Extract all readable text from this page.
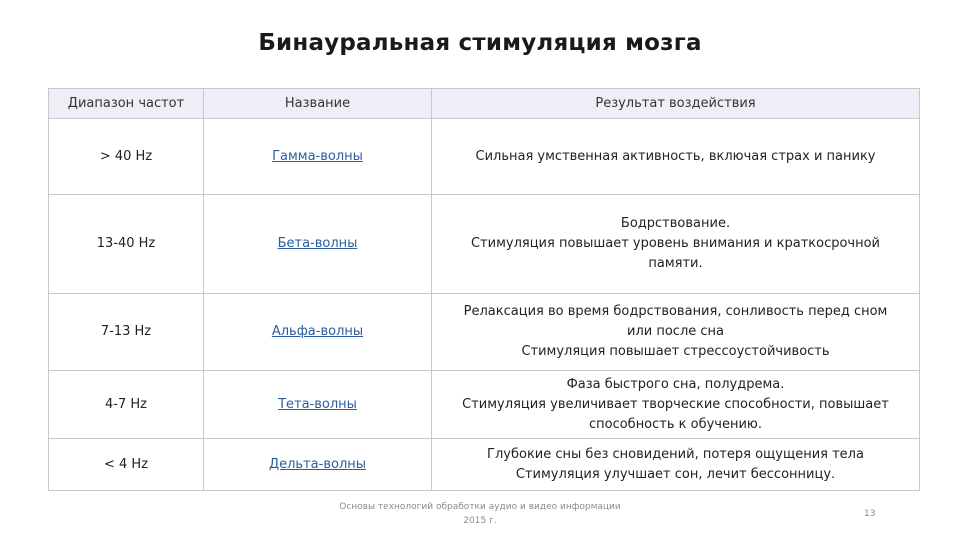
Бинауральная стимуляция мозга
Диапазон частот	Название	Результат воздействия
> 40 Hz	Гамма-волны	Сильная умственная активность, включая страх и панику

13-40 Hz	Бета-волны	Бодрствование.
Стимуляция повышает уровень внимания и краткосрочной
памяти.

7-13 Hz	Альфа-волны	Релаксация во время бодрствования, сонливость перед сном
или после сна
Стимуляция повышает стрессоустойчивость

4-7 Hz	Тета-волны	Фаза быстрого сна, полудрема.
Стимуляция увеличивает творческие способности, повышает
способность к обучению.

< 4 Hz	Дельта-волны	Глубокие сны без сновидений, потеря ощущения тела
Стимуляция улучшает сон, лечит бессонницу.
Основы технологий обработки аудио и видео информации
2015 г.
13
